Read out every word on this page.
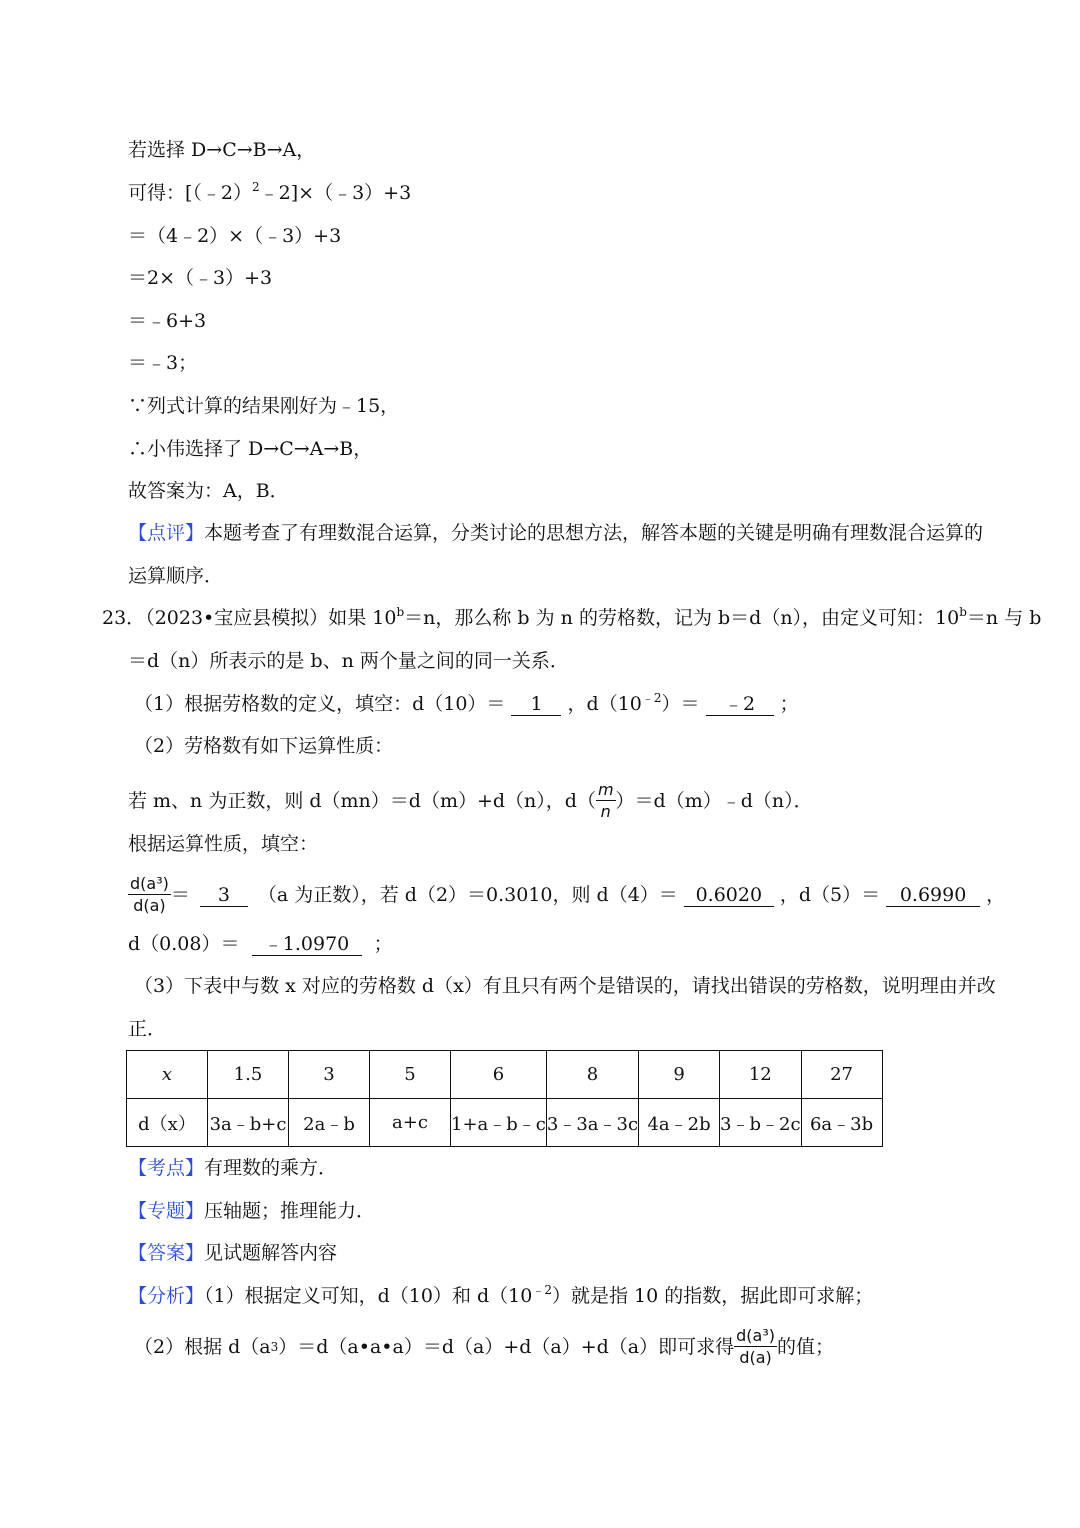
若选择 D→C→B→A，
可得：[（﹣2）$^2$﹣2]×（﹣3）+3
＝（4﹣2）×（﹣3）+3
＝2×（﹣3）+3
＝﹣6+3
＝﹣3；
∵列式计算的结果刚好为﹣15，
∴小伟选择了 D→C→A→B，
故答案为：A，B．
【点评】本题考查了有理数混合运算，分类讨论的思想方法，解答本题的关键是明确有理数混合运算的
运算顺序．
23．（2023•宝应县模拟）如果 $10^b=n$，那么称 b 为 n 的劳格数，记为 b＝d（n），由定义可知：$10^b=n$ 与 b
＝d（n）所表示的是 b、n 两个量之间的同一关系．
（1）根据劳格数的定义，填空：d（10）＝ 1 ，$d(10^{﹣2})=$ ﹣2 ；
（2）劳格数有如下运算性质：
若 m、n 为正数，则 d（mn）＝d（m）+d（n），$d( \frac{m}{n}$ ）＝d（m）﹣d（n）．
根据运算性质，填空：
$\frac{\text{d(a³)}}{d(a)}$ ＝	3	（a 为正数），若 d（2）＝0.3010，则 d（4）＝ 0.6020 ，d（5）＝	0.6990	，
d（0.08）＝ ﹣1.0970 ；
（3）下表中与数 x 对应的劳格数 d（x）有且只有两个是错误的，请找出错误的劳格数，说明理由并改
正．
x	1.5	3	5	6	8	9	12	27
d（x）	3a﹣b+c	2a﹣b	a+c	1+a﹣b﹣c	3﹣3a﹣3c	4a﹣2b	3﹣b﹣2c	6a﹣3b
【考点】有理数的乘方．
【专题】压轴题；推理能力．
【答案】见试题解答内容
【分析】（1）根据定义可知，d（10）和 $d(10^{﹣2})$就是指 10 的指数，据此即可求解；
（2）根据 d（a 3 ）＝d（a•a•a）＝d（a）+d（a）+d（a）即可求得 $\frac{\text{d(a³)}}{d(a)}$ 的值；
